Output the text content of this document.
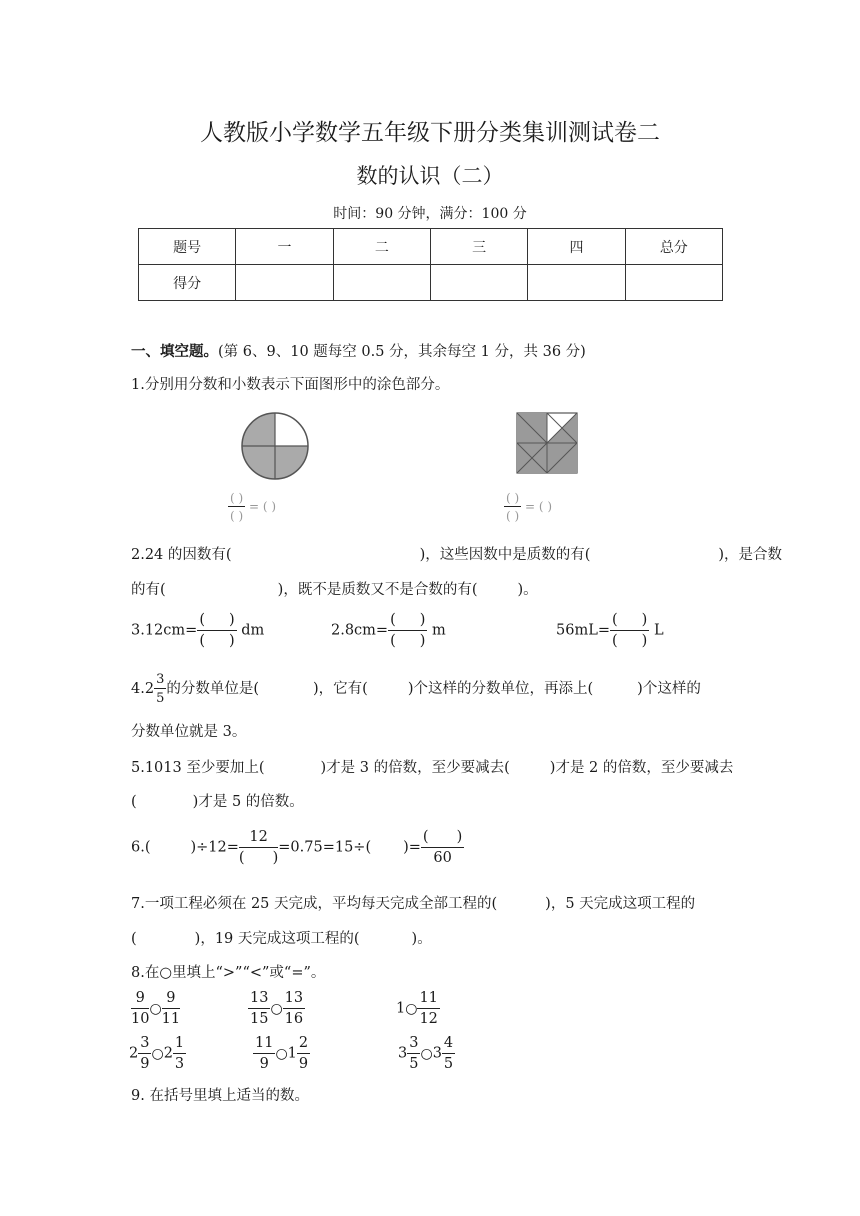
人教版小学数学五年级下册分类集训测试卷二
数的认识（二）
时间：90 分钟，满分：100 分
题号	一	二	三	四	总分
得分					
一、填空题。(第 6、9、10 题每空 0.5 分，其余每空 1 分，共 36 分)
1.分别用分数和小数表示下面图形中的涂色部分。
$\frac{( )}{( )}$ = ( )	$\frac{( )}{( )}$ = ( )
2.24 的因数有(	)，这些因数中是质数的有(	)，是合数
的有(	)，既不是质数又不是合数的有(	)。
$3.12cm= \frac{( )}{( )}$ dm	$2.8cm= \frac{( )}{( )}$ m	$56mL= \frac{( )}{( )}$ L
$4.2 \frac{3}{5}$ 的分数单位是(	)，它有(	)个这样的分数单位，再添上(	)个这样的
分数单位就是 3。
5.1013 至少要加上(	)才是 3 的倍数，至少要减去(	)才是 2 的倍数，至少要减去
(	)才是 5 的倍数。
6.(	)$\div 12= \frac{12}{( )} =0.75=15\div$( )= $\frac{( )}{60}$
7.一项工程必须在 25 天完成，平均每天完成全部工程的(	)，5 天完成这项工程的
(	)，19 天完成这项工程的(	)。
8.在○里填上“>”“<”或“=”。
$\frac{9}{10}$ ○ $\frac{9}{11}$	$\frac{13}{15}$ ○ $\frac{13}{16}$	1○ $\frac{11}{12}$
$2 \frac{3}{9}$ ○2 $\frac{1}{3}$	$\frac{11}{9}$ ○1 $\frac{2}{9}$	$3 \frac{3}{5}$ ○3 $\frac{4}{5}$
9. 在括号里填上适当的数。
